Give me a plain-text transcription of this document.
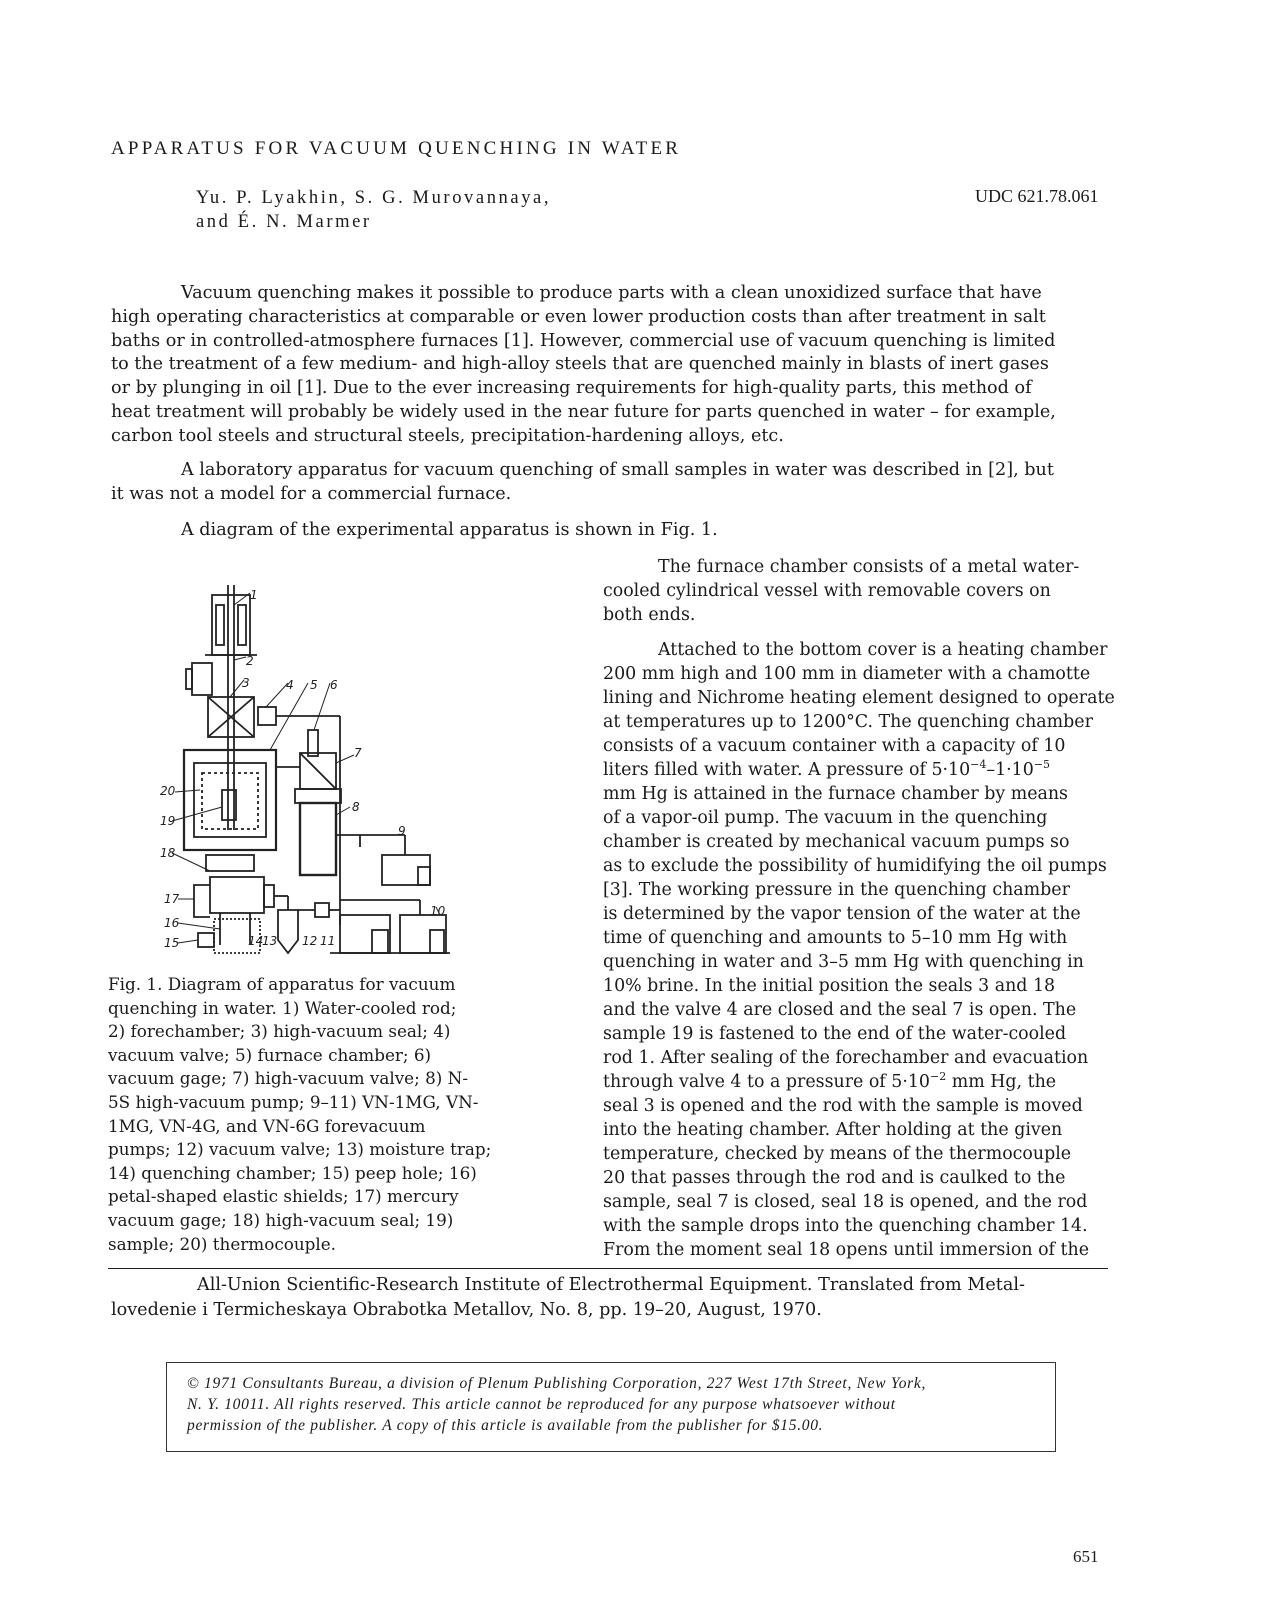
APPARATUS FOR VACUUM QUENCHING IN WATER
Yu. P. Lyakhin, S. G. Murovannaya,
and É. N. Marmer
UDC 621.78.061

Vacuum quenching makes it possible to produce parts with a clean unoxidized surface that have
high operating characteristics at comparable or even lower production costs than after treatment in salt
baths or in controlled-atmosphere furnaces [1]. However, commercial use of vacuum quenching is limited
to the treatment of a few medium- and high-alloy steels that are quenched mainly in blasts of inert gases
or by plunging in oil [1]. Due to the ever increasing requirements for high-quality parts, this method of
heat treatment will probably be widely used in the near future for parts quenched in water – for example,
carbon tool steels and structural steels, precipitation-hardening alloys, etc.

A laboratory apparatus for vacuum quenching of small samples in water was described in [2], but
it was not a model for a commercial furnace.

A diagram of the experimental apparatus is shown in Fig. 1.

1
2
3	4 5 6
7
8
9
10
11
12
13
14
15
16
17
18
19
20
Fig. 1. Diagram of apparatus for vacuum
quenching in water. 1) Water-cooled rod;
2) forechamber; 3) high-vacuum seal; 4)
vacuum valve; 5) furnace chamber; 6)
vacuum gage; 7) high-vacuum valve; 8) N-
5S high-vacuum pump; 9–11) VN-1MG, VN-
1MG, VN-4G, and VN-6G forevacuum
pumps; 12) vacuum valve; 13) moisture trap;
14) quenching chamber; 15) peep hole; 16)
petal-shaped elastic shields; 17) mercury
vacuum gage; 18) high-vacuum seal; 19)
sample; 20) thermocouple.
The furnace chamber consists of a metal water-
cooled cylindrical vessel with removable covers on
both ends.
Attached to the bottom cover is a heating chamber
200 mm high and 100 mm in diameter with a chamotte
lining and Nichrome heating element designed to operate
at temperatures up to 1200°C. The quenching chamber
consists of a vacuum container with a capacity of 10
liters filled with water. A pressure of $5\cdot 10^{-4}-1\cdot 10^{-5}$
mm Hg is attained in the furnace chamber by means
of a vapor-oil pump. The vacuum in the quenching
chamber is created by mechanical vacuum pumps so
as to exclude the possibility of humidifying the oil pumps
[3]. The working pressure in the quenching chamber
is determined by the vapor tension of the water at the
time of quenching and amounts to 5–10 mm Hg with
quenching in water and 3–5 mm Hg with quenching in
10% brine. In the initial position the seals 3 and 18
and the valve 4 are closed and the seal 7 is open. The
sample 19 is fastened to the end of the water-cooled
rod 1. After sealing of the forechamber and evacuation
through valve 4 to a pressure of $5\cdot 10^{-2}$ mm Hg, the
seal 3 is opened and the rod with the sample is moved
into the heating chamber. After holding at the given
temperature, checked by means of the thermocouple
20 that passes through the rod and is caulked to the
sample, seal 7 is closed, seal 18 is opened, and the rod
with the sample drops into the quenching chamber 14.
From the moment seal 18 opens until immersion of the
All-Union Scientific-Research Institute of Electrothermal Equipment. Translated from Metal-
lovedenie i Termicheskaya Obrabotka Metallov, No. 8, pp. 19–20, August, 1970.
© 1971 Consultants Bureau, a division of Plenum Publishing Corporation, 227 West 17th Street, New York,
N. Y. 10011. All rights reserved. This article cannot be reproduced for any purpose whatsoever without
permission of the publisher. A copy of this article is available from the publisher for $15.00.
651
